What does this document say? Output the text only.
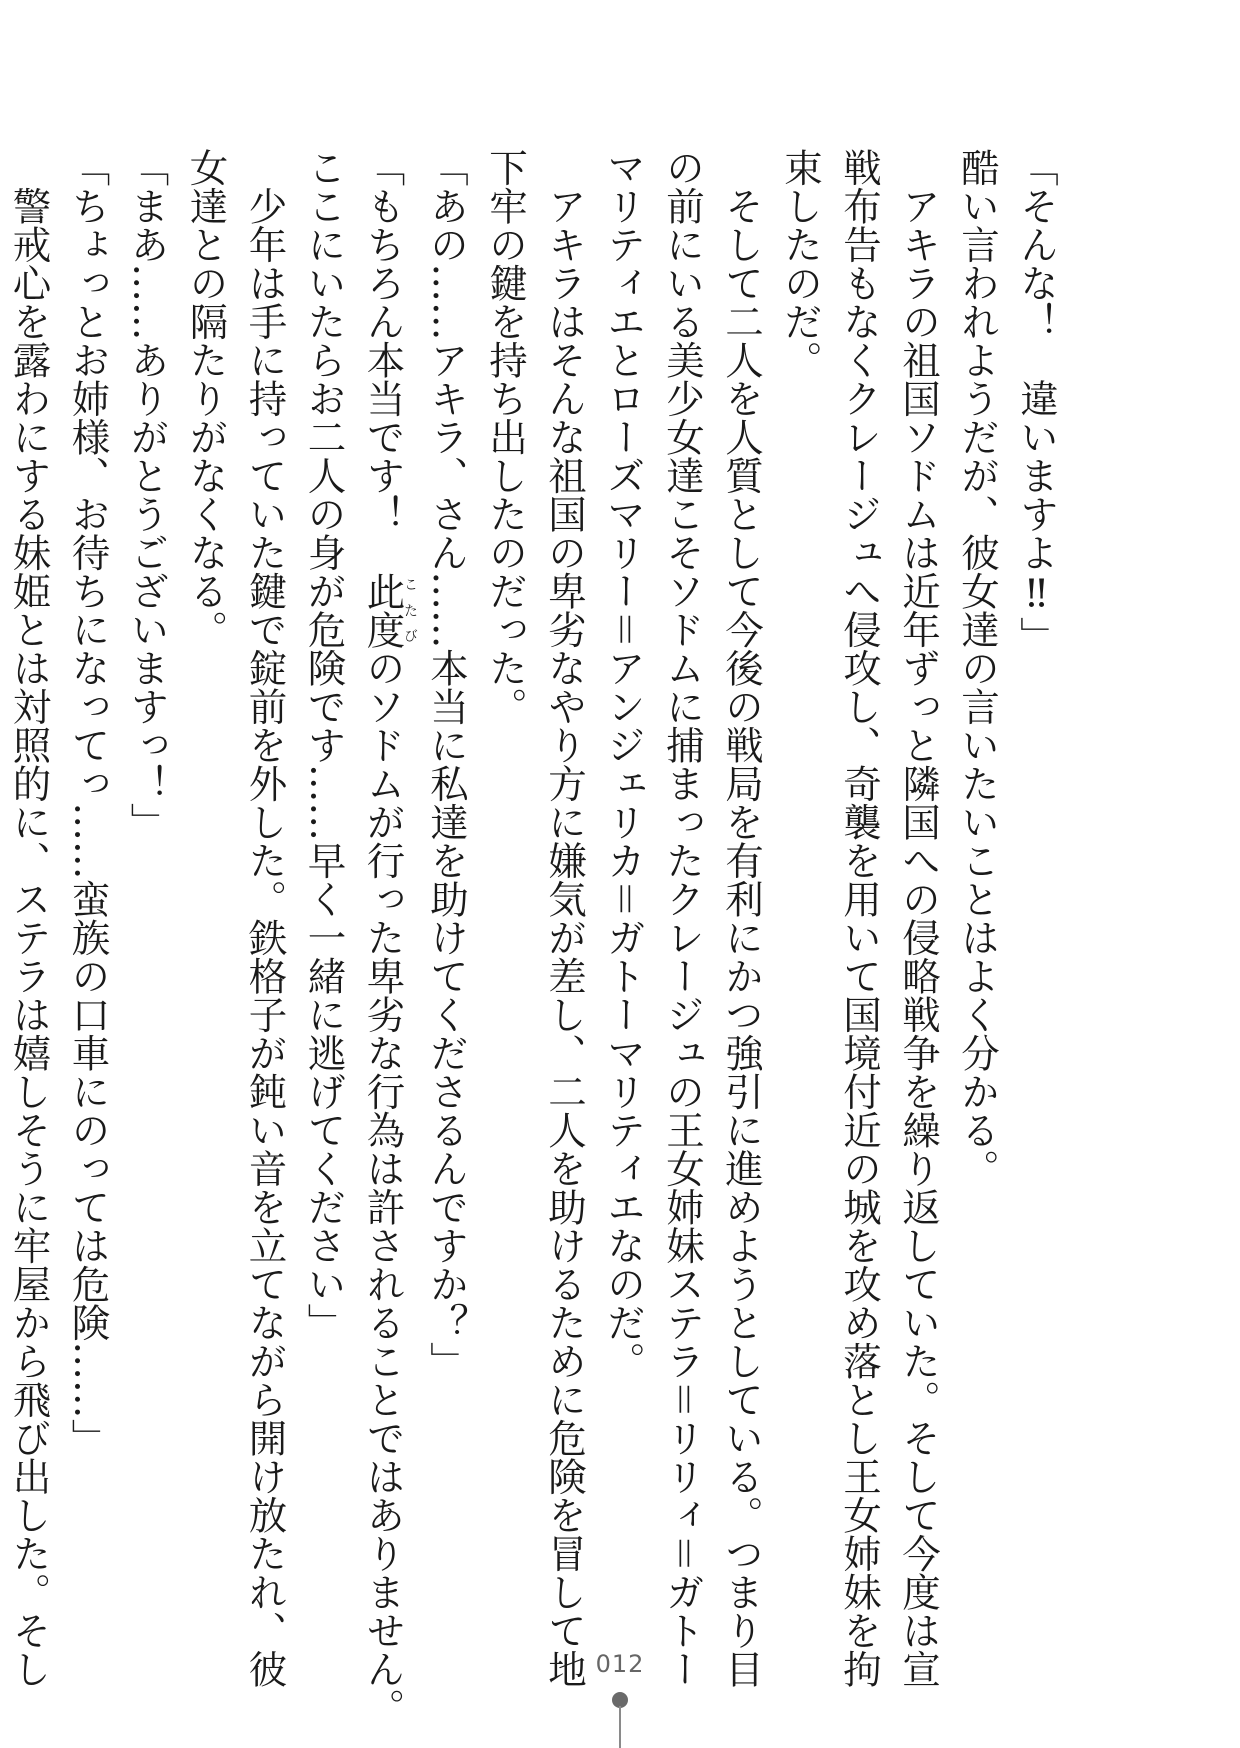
「そんな！　違いますよ‼」
酷い言われようだが、彼女達の言いたいことはよく分かる。
　アキラの祖国ソドムは近年ずっと隣国への侵略戦争を繰り返していた。そして今度は宣
戦布告もなくクレージュへ侵攻し、奇襲を用いて国境付近の城を攻め落とし王女姉妹を拘
束したのだ。
　そして二人を人質として今後の戦局を有利にかつ強引に進めようとしている。つまり目
の前にいる美少女達こそソドムに捕まったクレージュの王女姉妹ステラ＝リリィ＝ガトー
マリティエとローズマリー＝アンジェリカ＝ガトーマリティエなのだ。
　アキラはそんな祖国の卑劣なやり方に嫌気が差し、二人を助けるために危険を冒して地
下牢の鍵を持ち出したのだった。
「あの……アキラ、さん……本当に私達を助けてくださるんですか？」
「もちろん本当です！　此度こたびのソドムが行った卑劣な行為は許されることではありません。
ここにいたらお二人の身が危険です……早く一緒に逃げてください」
　少年は手に持っていた鍵で錠前を外した。鉄格子が鈍い音を立てながら開け放たれ、彼
女達との隔たりがなくなる。
「まあ……ありがとうございますっ！」
「ちょっとお姉様、お待ちになってっ……蛮族の口車にのっては危険……」
　警戒心を露わにする妹姫とは対照的に、ステラは嬉しそうに牢屋から飛び出した。そし	012
